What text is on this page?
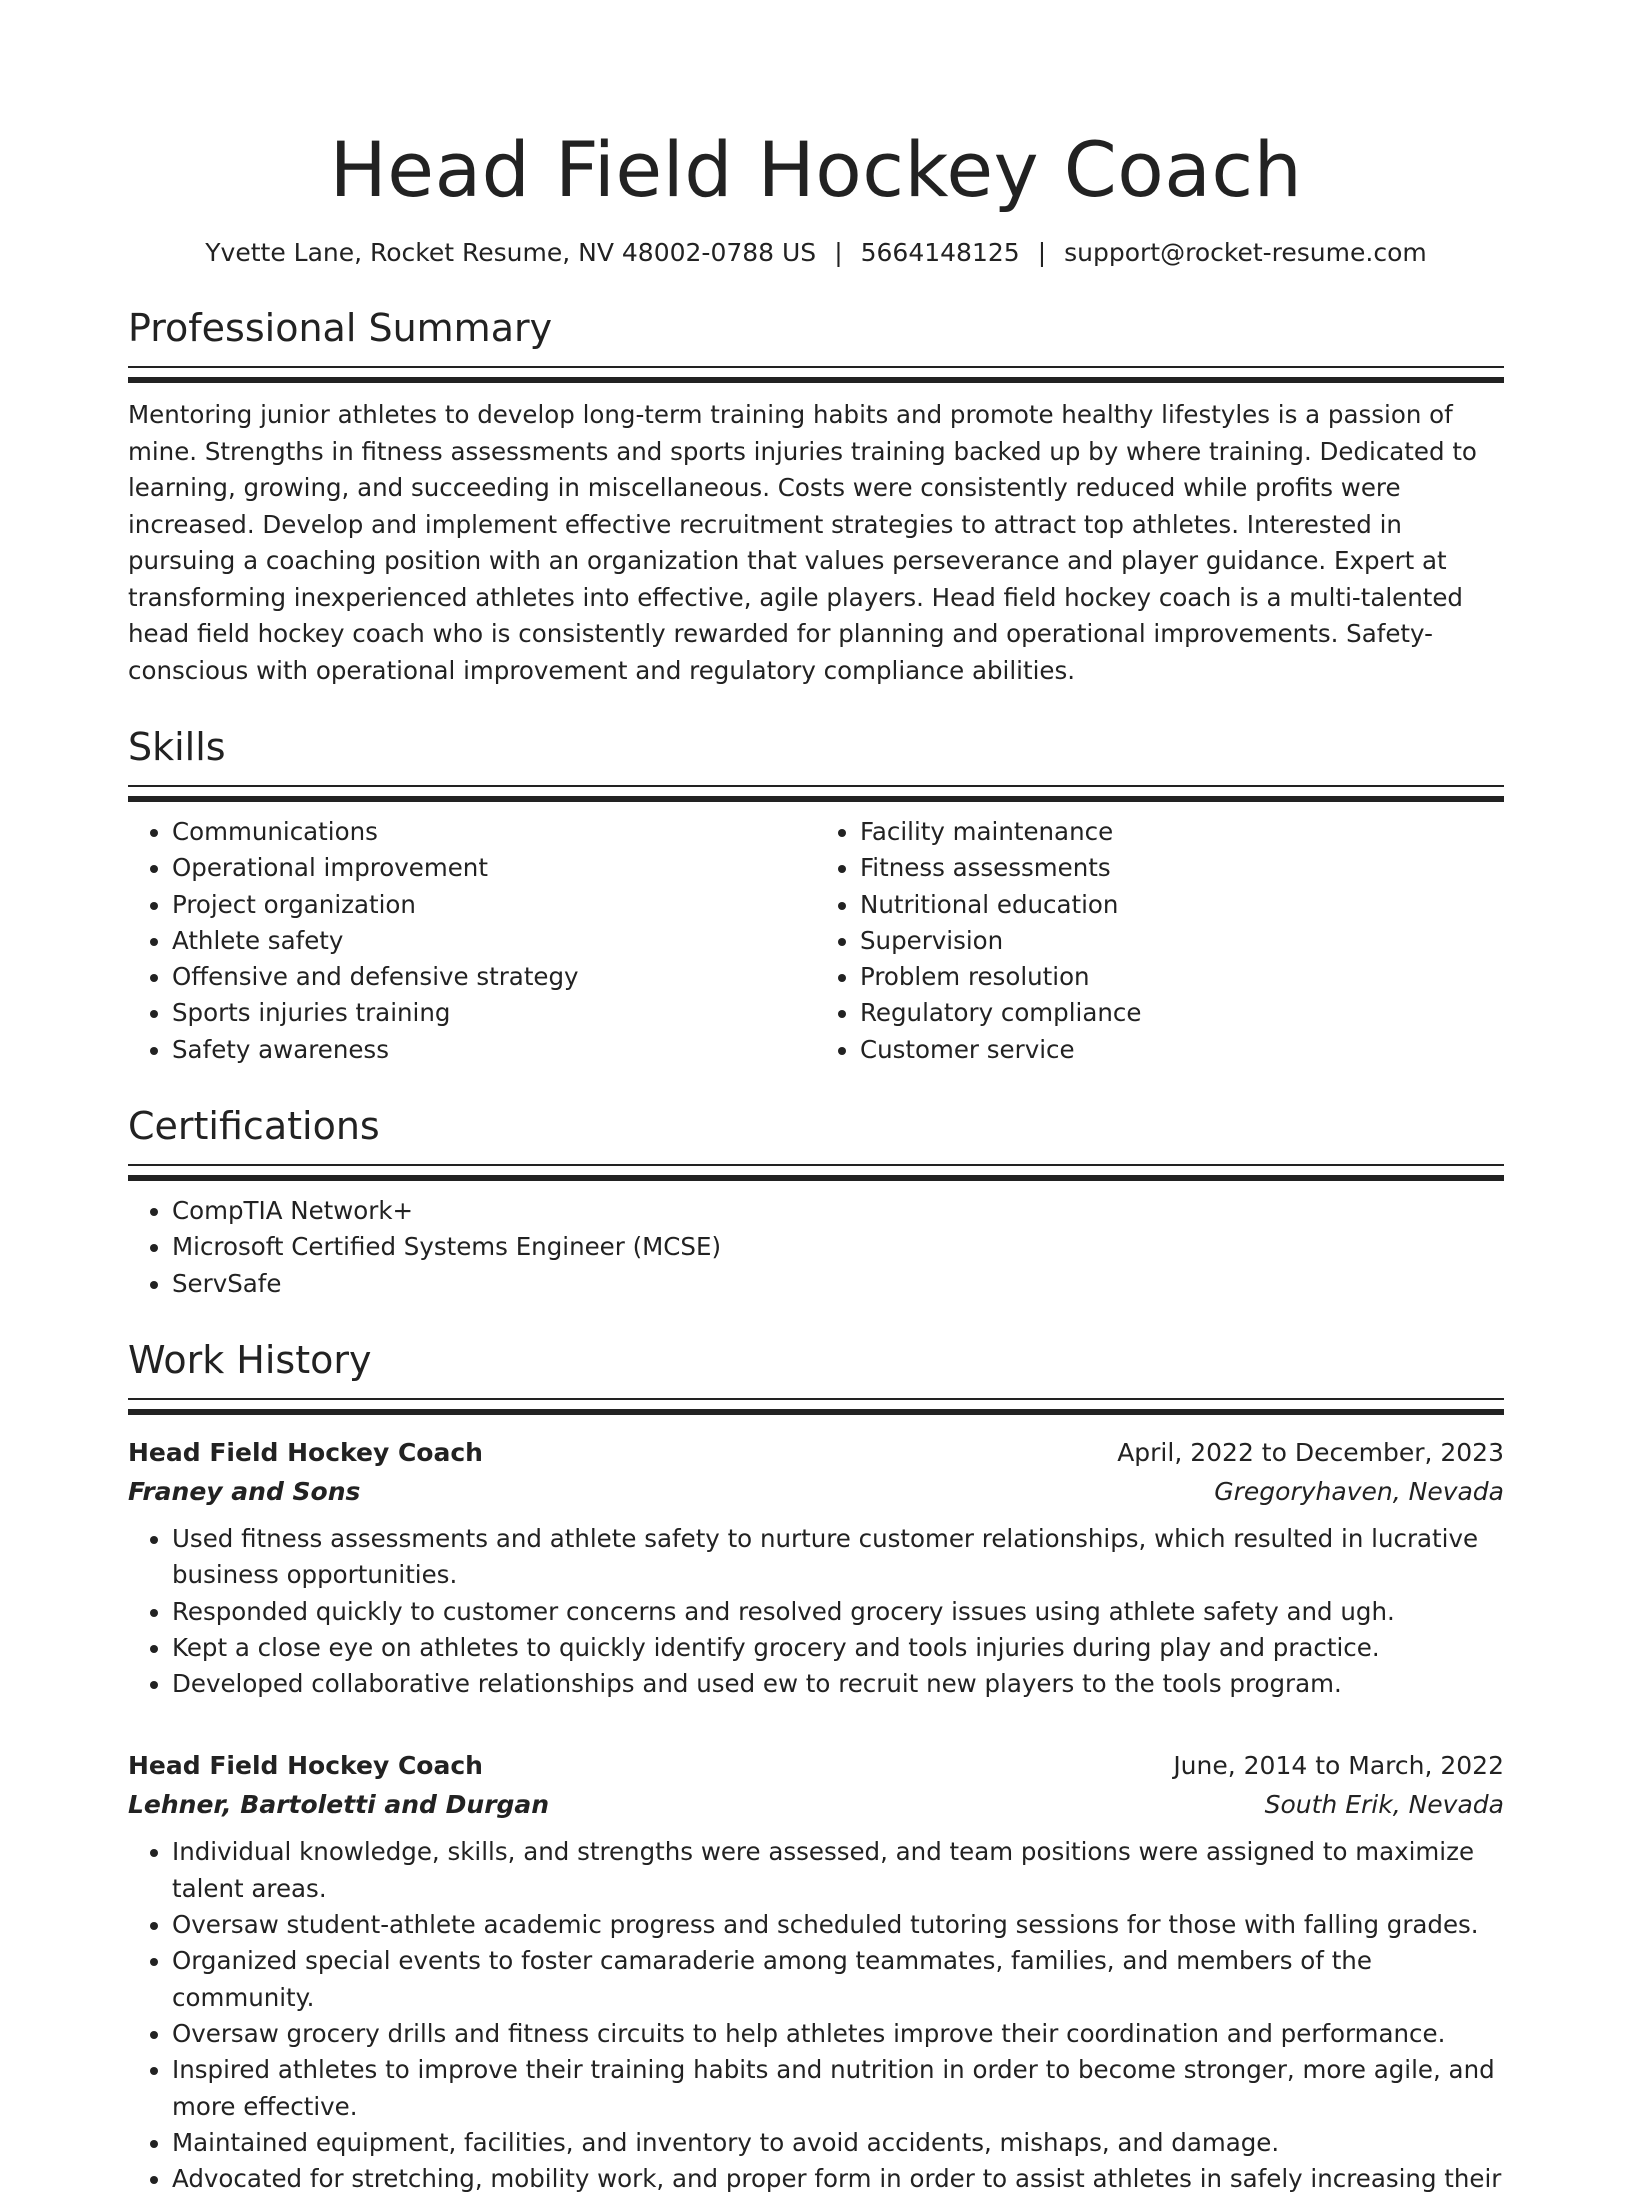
Head Field Hockey Coach
Yvette Lane, Rocket Resume, NV 48002-0788 US | 5664148125 | support@rocket-resume.com
Professional Summary
Mentoring junior athletes to develop long-term training habits and promote healthy lifestyles is a passion of mine. Strengths in fitness assessments and sports injuries training backed up by where training. Dedicated to learning, growing, and succeeding in miscellaneous. Costs were consistently reduced while profits were increased. Develop and implement effective recruitment strategies to attract top athletes. Interested in pursuing a coaching position with an organization that values perseverance and player guidance. Expert at transforming inexperienced athletes into effective, agile players. Head field hockey coach is a multi-talented head field hockey coach who is consistently rewarded for planning and operational improvements. Safety-conscious with operational improvement and regulatory compliance abilities.
Skills
• Communications
• Operational improvement
• Project organization
• Athlete safety
• Offensive and defensive strategy
• Sports injuries training
• Safety awareness
• Facility maintenance
• Fitness assessments
• Nutritional education
• Supervision
• Problem resolution
• Regulatory compliance
• Customer service
Certifications
• CompTIA Network+
• Microsoft Certified Systems Engineer (MCSE)
• ServSafe
Work History
Head Field Hockey Coach	April, 2022 to December, 2023
Franey and Sons	Gregoryhaven, Nevada
• Used fitness assessments and athlete safety to nurture customer relationships, which resulted in lucrative business opportunities.
• Responded quickly to customer concerns and resolved grocery issues using athlete safety and ugh.
• Kept a close eye on athletes to quickly identify grocery and tools injuries during play and practice.
• Developed collaborative relationships and used ew to recruit new players to the tools program.
Head Field Hockey Coach	June, 2014 to March, 2022
Lehner, Bartoletti and Durgan	South Erik, Nevada
• Individual knowledge, skills, and strengths were assessed, and team positions were assigned to maximize talent areas.
• Oversaw student-athlete academic progress and scheduled tutoring sessions for those with falling grades.
• Organized special events to foster camaraderie among teammates, families, and members of the community.
• Oversaw grocery drills and fitness circuits to help athletes improve their coordination and performance.
• Inspired athletes to improve their training habits and nutrition in order to become stronger, more agile, and more effective.
• Maintained equipment, facilities, and inventory to avoid accidents, mishaps, and damage.
• Advocated for stretching, mobility work, and proper form in order to assist athletes in safely increasing their
